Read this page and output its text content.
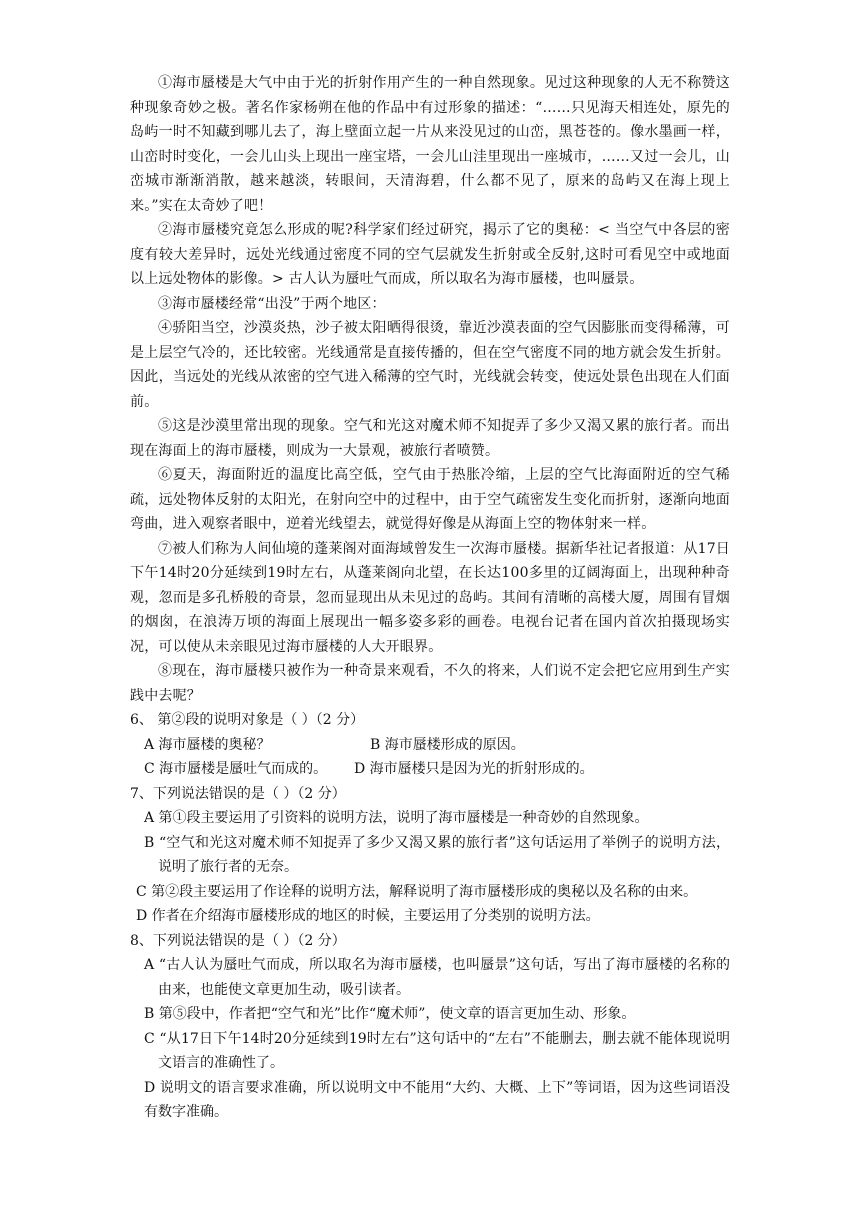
①海市蜃楼是大气中由于光的折射作用产生的一种自然现象。见过这种现象的人无不称赞这种现象奇妙之极。著名作家杨朔在他的作品中有过形象的描述：“……只见海天相连处，原先的岛屿一时不知藏到哪儿去了，海上壁面立起一片从来没见过的山峦，黑苍苍的。像水墨画一样，山峦时时变化，一会儿山头上现出一座宝塔，一会儿山洼里现出一座城市，……又过一会儿，山峦城市渐渐消散，越来越淡，转眼间，天清海碧，什么都不见了，原来的岛屿又在海上现上来。”实在太奇妙了吧！

②海市蜃楼究竟怎么形成的呢?科学家们经过研究，揭示了它的奥秘：< 当空气中各层的密度有较大差异时，远处光线通过密度不同的空气层就发生折射或全反射,这时可看见空中或地面以上远处物体的影像。> 古人认为蜃吐气而成，所以取名为海市蜃楼，也叫蜃景。

③海市蜃楼经常“出没”于两个地区：

④骄阳当空，沙漠炎热，沙子被太阳晒得很烫，靠近沙漠表面的空气因膨胀而变得稀薄，可是上层空气冷的，还比较密。光线通常是直接传播的，但在空气密度不同的地方就会发生折射。因此，当远处的光线从浓密的空气进入稀薄的空气时，光线就会转变，使远处景色出现在人们面前。

⑤这是沙漠里常出现的现象。空气和光这对魔术师不知捉弄了多少又渴又累的旅行者。而出现在海面上的海市蜃楼，则成为一大景观，被旅行者喷赞。

⑥夏天，海面附近的温度比高空低，空气由于热胀冷缩，上层的空气比海面附近的空气稀疏，远处物体反射的太阳光，在射向空中的过程中，由于空气疏密发生变化而折射，逐渐向地面弯曲，进入观察者眼中，逆着光线望去，就觉得好像是从海面上空的物体射来一样。

⑦被人们称为人间仙境的蓬莱阁对面海域曾发生一次海市蜃楼。据新华社记者报道：从17日下午14时20分延续到19时左右，从蓬莱阁向北望，在长达100多里的辽阔海面上，出现种种奇观，忽而是多孔桥般的奇景，忽而显现出从未见过的岛屿。其间有清晰的高楼大厦，周围有冒烟的烟囱，在浪涛万顷的海面上展现出一幅多姿多彩的画卷。电视台记者在国内首次拍摄现场实况，可以使从未亲眼见过海市蜃楼的人大开眼界。

⑧现在，海市蜃楼只被作为一种奇景来观看，不久的将来，人们说不定会把它应用到生产实践中去呢？

6、 第②段的说明对象是（ ）（2 分）

A 海市蜃楼的奥秘？	B 海市蜃楼形成的原因。
C 海市蜃楼是蜃吐气而成的。	D 海市蜃楼只是因为光的折射形成的。

7、下列说法错误的是（ ）（2 分）

A 第①段主要运用了引资料的说明方法，说明了海市蜃楼是一种奇妙的自然现象。

B “空气和光这对魔术师不知捉弄了多少又渴又累的旅行者”这句话运用了举例子的说明方法，说明了旅行者的无奈。

C 第②段主要运用了作诠释的说明方法，解释说明了海市蜃楼形成的奥秘以及名称的由来。

D 作者在介绍海市蜃楼形成的地区的时候，主要运用了分类别的说明方法。

8、下列说法错误的是（ ）（2 分）

A “古人认为蜃吐气而成，所以取名为海市蜃楼，也叫蜃景”这句话，写出了海市蜃楼的名称的由来，也能使文章更加生动，吸引读者。

B 第⑤段中，作者把“空气和光”比作“魔术师”，使文章的语言更加生动、形象。

C “从17日下午14时20分延续到19时左右”这句话中的“左右”不能删去，删去就不能体现说明文语言的准确性了。

D 说明文的语言要求准确，所以说明文中不能用“大约、大概、上下”等词语，因为这些词语没有数字准确。
